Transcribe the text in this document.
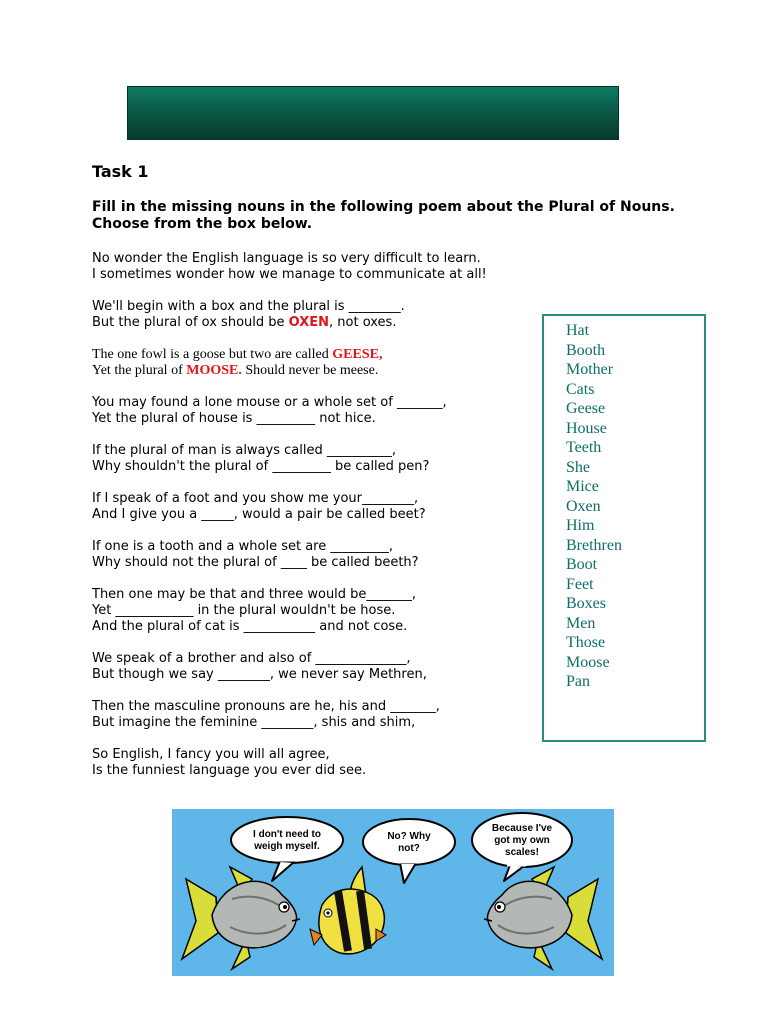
Task 1
Fill in the missing nouns in the following poem about the Plural of Nouns. Choose from the box below.
No wonder the English language is so very difficult to learn.
I sometimes wonder how we manage to communicate at all!
We'll begin with a box and the plural is ________.
But the plural of ox should be OXEN, not oxes.
The one fowl is a goose but two are called GEESE,
Yet the plural of MOOSE. Should never be meese.
You may found a lone mouse or a whole set of _______,
Yet the plural of house is _________ not hice.
If the plural of man is always called __________,
Why shouldn't the plural of _________ be called pen?
If I speak of a foot and you show me your________,
And I give you a _____, would a pair be called beet?
If one is a tooth and a whole set are _________,
Why should not the plural of ____ be called beeth?
Then one may be that and three would be_______,
Yet ____________ in the plural wouldn't be hose.
And the plural of cat is ___________ and not cose.
We speak of a brother and also of ______________,
But though we say ________, we never say Methren,
Then the masculine pronouns are he, his and _______,
But imagine the feminine ________, shis and shim,
So English, I fancy you will all agree,
Is the funniest language you ever did see.
Hat
Booth
Mother
Cats
Geese
House
Teeth
She
Mice
Oxen
Him
Brethren
Boot
Feet
Boxes
Men
Those
Moose
Pan
I don't need to
weigh myself.
No? Why
not?
Because I've
got my own
scales!
